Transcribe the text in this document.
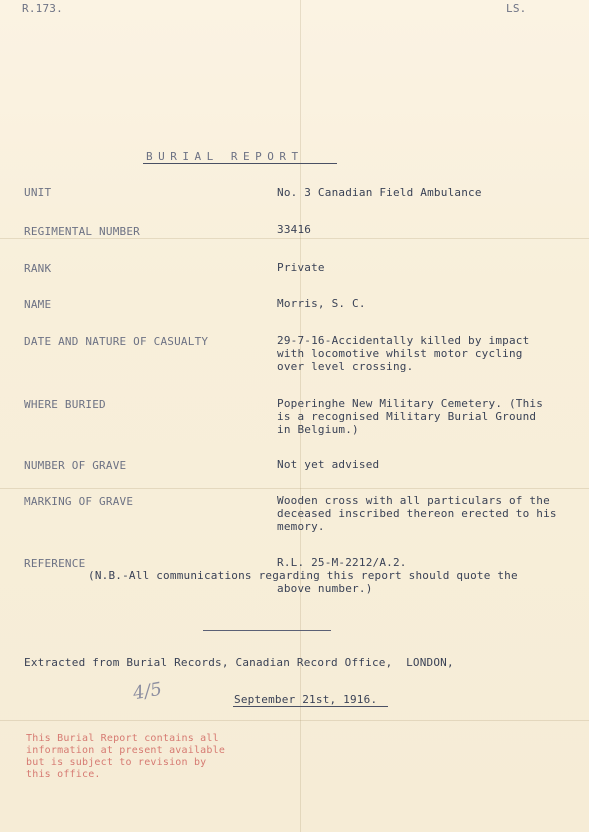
R.173.	LS.
BURIAL REPORT
UNIT	No. 3 Canadian Field Ambulance
REGIMENTAL NUMBER	33416
RANK	Private
NAME	Morris, S. C.
DATE AND NATURE OF CASUALTY	29-7-16-Accidentally killed by impact
with locomotive whilst motor cycling
over level crossing.
WHERE BURIED	Poperinghe New Military Cemetery. (This
is a recognised Military Burial Ground
in Belgium.)
NUMBER OF GRAVE	Not yet advised
MARKING OF GRAVE	Wooden cross with all particulars of the
deceased inscribed thereon erected to his
memory.
REFERENCE	R.L. 25-M-2212/A.2.
(N.B.-All communications regarding this report should quote the
above number.)
Extracted from Burial Records, Canadian Record Office,  LONDON,
4/5	September 21st, 1916.
This Burial Report contains all
information at present available
but is subject to revision by
this office.
